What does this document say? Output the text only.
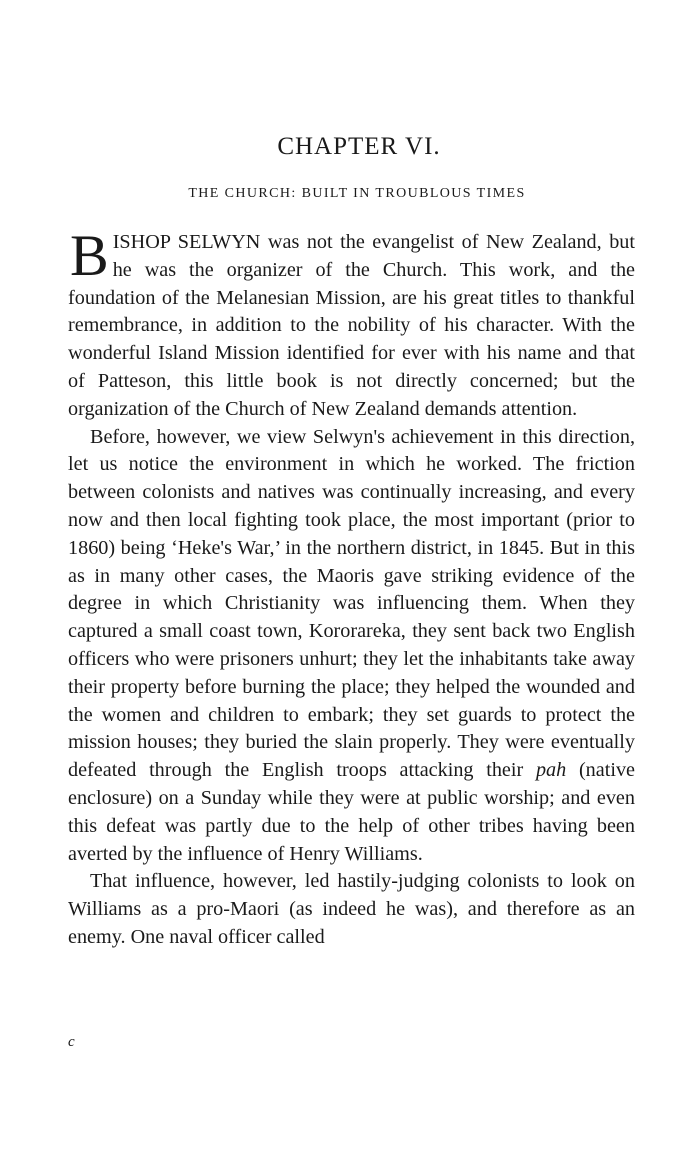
CHAPTER VI.
THE CHURCH: BUILT IN TROUBLOUS TIMES

BISHOP SELWYN was not the evangelist of New Zealand, but he was the organizer of the Church. This work, and the foundation of the Melanesian Mission, are his great titles to thankful remembrance, in addition to the nobility of his character. With the wonderful Island Mission identified for ever with his name and that of Patteson, this little book is not directly concerned; but the organization of the Church of New Zealand demands attention.

Before, however, we view Selwyn's achievement in this direction, let us notice the environment in which he worked. The friction between colonists and natives was continually increasing, and every now and then local fighting took place, the most important (prior to 1860) being ‘Heke's War,’ in the northern district, in 1845. But in this as in many other cases, the Maoris gave striking evidence of the degree in which Christianity was influencing them. When they captured a small coast town, Kororareka, they sent back two English officers who were prisoners unhurt; they let the inhabitants take away their property before burning the place; they helped the wounded and the women and children to embark; they set guards to protect the mission houses; they buried the slain properly. They were eventually defeated through the English troops attacking their pah (native enclosure) on a Sunday while they were at public worship; and even this defeat was partly due to the help of other tribes having been averted by the influence of Henry Williams.

That influence, however, led hastily-judging colonists to look on Williams as a pro-Maori (as indeed he was), and therefore as an enemy. One naval officer called

c
